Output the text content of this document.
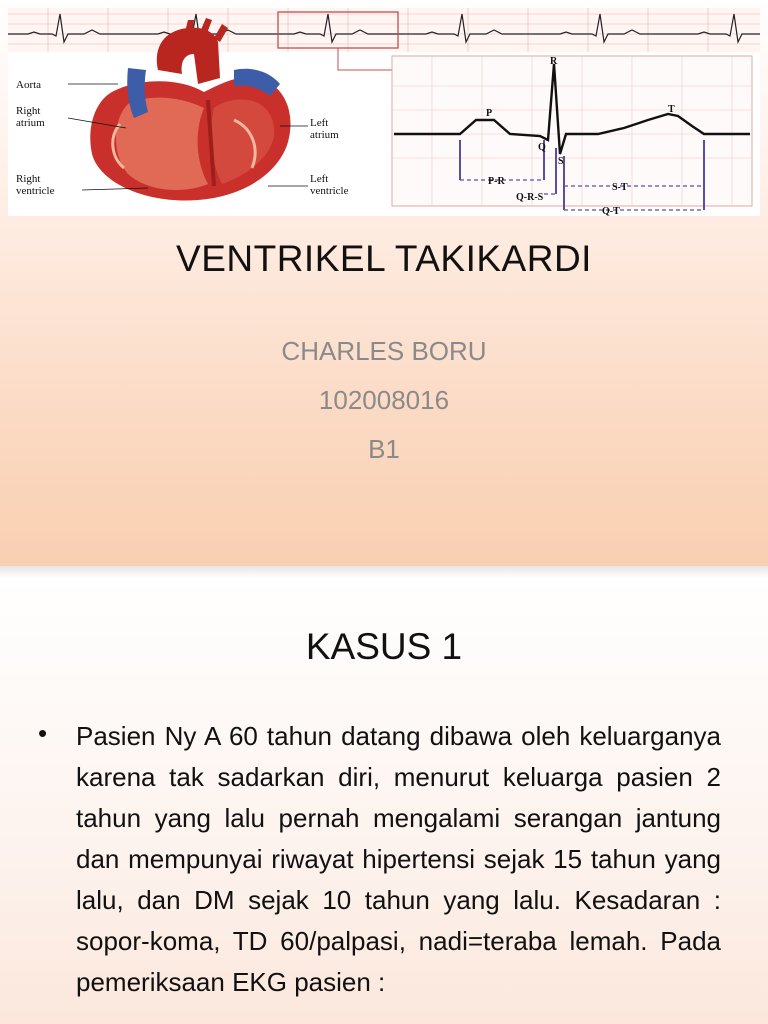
Aorta
Right
atrium
Right
ventricle
Left
atrium
Left
ventricle
R
P
Q
S
T
P-R
S-T
Q-R-S
Q-T
VENTRIKEL TAKIKARDI
CHARLES BORU
102008016
B1
KASUS 1
• Pasien Ny A 60 tahun datang dibawa oleh keluarganya karena tak sadarkan diri, menurut keluarga pasien 2 tahun yang lalu pernah mengalami serangan jantung dan mempunyai riwayat hipertensi sejak 15 tahun yang lalu, dan DM sejak 10 tahun yang lalu. Kesadaran : sopor-koma, TD 60/palpasi, nadi=teraba lemah. Pada pemeriksaan EKG pasien :
